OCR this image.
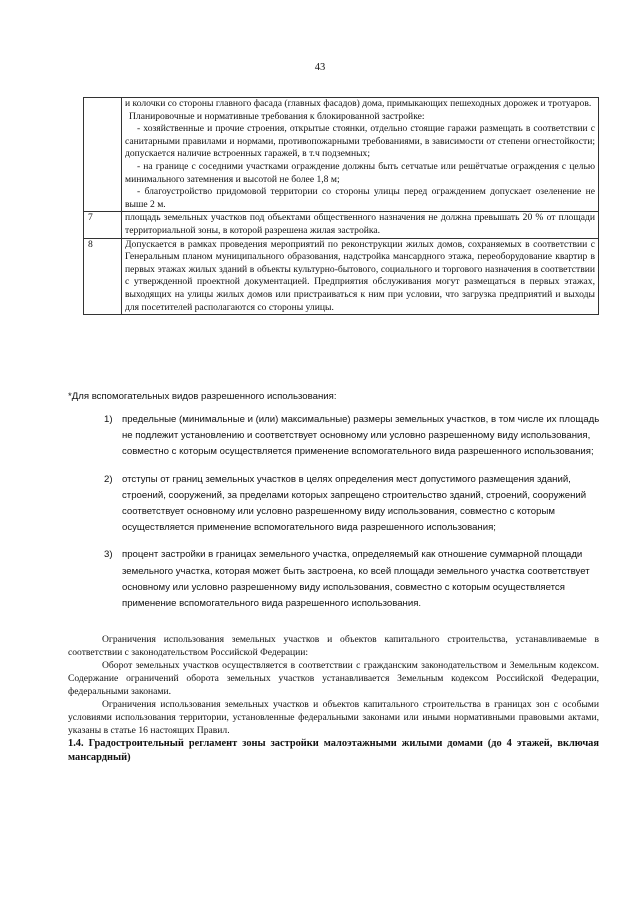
43

	и колочки со стороны главного фасада (главных фасадов) дома, примыкающих пешеходных дорожек и тротуаров.
Планировочные и нормативные требования к блокированной застройке:
- хозяйственные и прочие строения, открытые стоянки, отдельно стоящие гаражи размещать в соответствии с санитарными правилами и нормами, противопожарными требованиями, в зависимости от степени огнестойкости; допускается наличие встроенных гаражей, в т.ч подземных;
- на границе с соседними участками ограждение должны быть сетчатые или решётчатые ограждения с целью минимального затемнения и высотой не более 1,8 м;
- благоустройство придомовой территории со стороны улицы перед ограждением допускает озеленение не выше 2 м.

7	площадь земельных участков под объектами общественного назначения не должна превышать 20 % от площади территориальной зоны, в которой разрешена жилая застройка.

8	Допускается в рамках проведения мероприятий по реконструкции жилых домов, сохраняемых в соответствии с Генеральным планом муниципального образования, надстройка мансардного этажа, переоборудование квартир в первых этажах жилых зданий в объекты культурно-бытового, социального и торгового назначения в соответствии с утвержденной проектной документацией. Предприятия обслуживания могут размещаться в первых этажах, выходящих на улицы жилых домов или пристраиваться к ним при условии, что загрузка предприятий и выходы для посетителей располагаются со стороны улицы.
*Для вспомогательных видов разрешенного использования:
1) предельные (минимальные и (или) максимальные) размеры земельных участков, в том числе их площадь не подлежит установлению и соответствует основному или условно разрешенному виду использования, совместно с которым осуществляется применение вспомогательного вида разрешенного использования;
2) отступы от границ земельных участков в целях определения мест допустимого размещения зданий, строений, сооружений, за пределами которых запрещено строительство зданий, строений, сооружений соответствует основному или условно разрешенному виду использования, совместно с которым осуществляется применение вспомогательного вида разрешенного использования;
3) процент застройки в границах земельного участка, определяемый как отношение суммарной площади земельного участка, которая может быть застроена, ко всей площади земельного участка соответствует основному или условно разрешенному виду использования, совместно с которым осуществляется применение вспомогательного вида разрешенного использования.
Ограничения использования земельных участков и объектов капитального строительства, устанавливаемые в соответствии с законодательством Российской Федерации:
Оборот земельных участков осуществляется в соответствии с гражданским законодательством и Земельным кодексом. Содержание ограничений оборота земельных участков устанавливается Земельным кодексом Российской Федерации, федеральными законами.
Ограничения использования земельных участков и объектов капитального строительства в границах зон с особыми условиями использования территории, установленные федеральными законами или иными нормативными правовыми актами, указаны в статье 16 настоящих Правил.
1.4. Градостроительный регламент зоны застройки малоэтажными жилыми домами (до 4 этажей, включая мансардный)
